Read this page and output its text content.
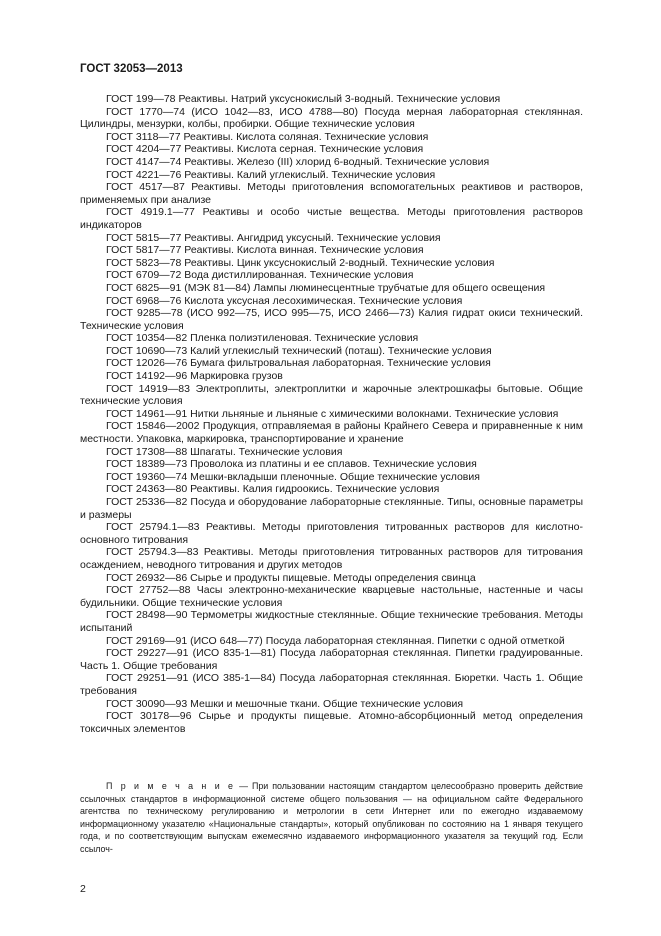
ГОСТ 32053—2013

ГОСТ 199—78 Реактивы. Натрий уксуснокислый 3-водный. Технические условия

ГОСТ 1770—74 (ИСО 1042—83, ИСО 4788—80) Посуда мерная лабораторная стеклянная. Цилиндры, мензурки, колбы, пробирки. Общие технические условия

ГОСТ 3118—77 Реактивы. Кислота соляная. Технические условия

ГОСТ 4204—77 Реактивы. Кислота серная. Технические условия

ГОСТ 4147—74 Реактивы. Железо (III) хлорид 6-водный. Технические условия

ГОСТ 4221—76 Реактивы. Калий углекислый. Технические условия

ГОСТ 4517—87 Реактивы. Методы приготовления вспомогательных реактивов и растворов, применяемых при анализе

ГОСТ 4919.1—77 Реактивы и особо чистые вещества. Методы приготовления растворов индикаторов

ГОСТ 5815—77 Реактивы. Ангидрид уксусный. Технические условия

ГОСТ 5817—77 Реактивы. Кислота винная. Технические условия

ГОСТ 5823—78 Реактивы. Цинк уксуснокислый 2-водный. Технические условия

ГОСТ 6709—72 Вода дистиллированная. Технические условия

ГОСТ 6825—91 (МЭК 81—84) Лампы люминесцентные трубчатые для общего освещения

ГОСТ 6968—76 Кислота уксусная лесохимическая. Технические условия

ГОСТ 9285—78 (ИСО 992—75, ИСО 995—75, ИСО 2466—73) Калия гидрат окиси технический. Технические условия

ГОСТ 10354—82 Пленка полиэтиленовая. Технические условия

ГОСТ 10690—73 Калий углекислый технический (поташ). Технические условия

ГОСТ 12026—76 Бумага фильтровальная лабораторная. Технические условия

ГОСТ 14192—96 Маркировка грузов

ГОСТ 14919—83 Электроплиты, электроплитки и жарочные электрошкафы бытовые. Общие технические условия

ГОСТ 14961—91 Нитки льняные и льняные с химическими волокнами. Технические условия

ГОСТ 15846—2002 Продукция, отправляемая в районы Крайнего Севера и приравненные к ним местности. Упаковка, маркировка, транспортирование и хранение

ГОСТ 17308—88 Шпагаты. Технические условия

ГОСТ 18389—73 Проволока из платины и ее сплавов. Технические условия

ГОСТ 19360—74 Мешки-вкладыши пленочные. Общие технические условия

ГОСТ 24363—80 Реактивы. Калия гидроокись. Технические условия

ГОСТ 25336—82 Посуда и оборудование лабораторные стеклянные. Типы, основные параметры и размеры

ГОСТ 25794.1—83 Реактивы. Методы приготовления титрованных растворов для кислотно-основного титрования

ГОСТ 25794.3—83 Реактивы. Методы приготовления титрованных растворов для титрования осаждением, неводного титрования и других методов

ГОСТ 26932—86 Сырье и продукты пищевые. Методы определения свинца

ГОСТ 27752—88 Часы электронно-механические кварцевые настольные, настенные и часы будильники. Общие технические условия

ГОСТ 28498—90 Термометры жидкостные стеклянные. Общие технические требования. Методы испытаний

ГОСТ 29169—91 (ИСО 648—77) Посуда лабораторная стеклянная. Пипетки с одной отметкой

ГОСТ 29227—91 (ИСО 835-1—81) Посуда лабораторная стеклянная. Пипетки градуированные. Часть 1. Общие требования

ГОСТ 29251—91 (ИСО 385-1—84) Посуда лабораторная стеклянная. Бюретки. Часть 1. Общие требования

ГОСТ 30090—93 Мешки и мешочные ткани. Общие технические условия

ГОСТ 30178—96 Сырье и продукты пищевые. Атомно-абсорбционный метод определения токсичных элементов

П р и м е ч а н и е — При пользовании настоящим стандартом целесообразно проверить действие ссылочных стандартов в информационной системе общего пользования — на официальном сайте Федерального агентства по техническому регулированию и метрологии в сети Интернет или по ежегодно издаваемому информационному указателю «Национальные стандарты», который опубликован по состоянию на 1 января текущего года, и по соответствующим выпускам ежемесячно издаваемого информационного указателя за текущий год. Если ссылоч-

2
